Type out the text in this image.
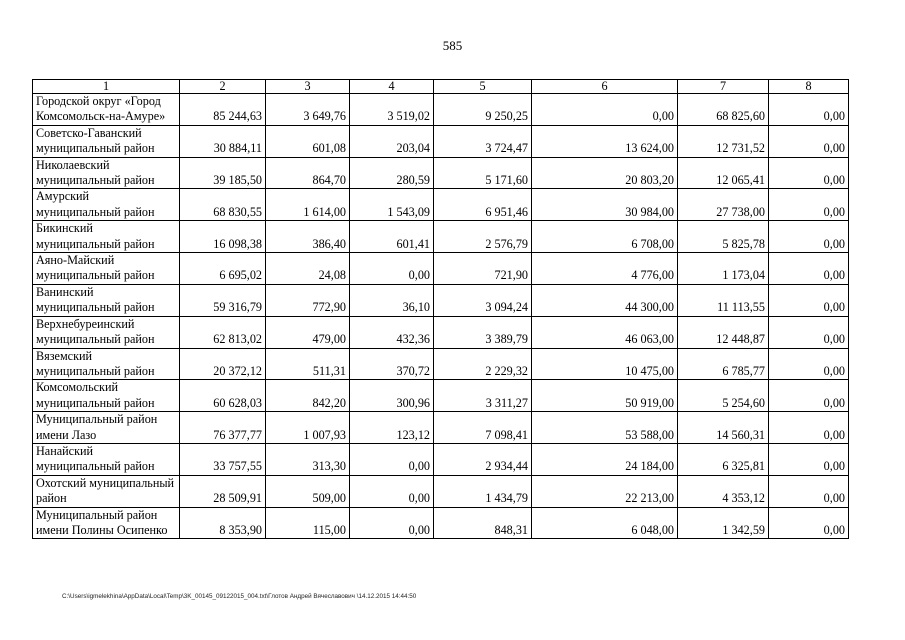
585
1	2	3	4	5	6	7	8
Городской округ «Город Комсомольск-на-Амуре»	85 244,63	3 649,76	3 519,02	9 250,25	0,00	68 825,60	0,00
Советско-Гаванский муниципальный район	30 884,11	601,08	203,04	3 724,47	13 624,00	12 731,52	0,00
Николаевский муниципальный район	39 185,50	864,70	280,59	5 171,60	20 803,20	12 065,41	0,00
Амурский муниципальный район	68 830,55	1 614,00	1 543,09	6 951,46	30 984,00	27 738,00	0,00
Бикинский муниципальный район	16 098,38	386,40	601,41	2 576,79	6 708,00	5 825,78	0,00
Аяно-Майский муниципальный район	6 695,02	24,08	0,00	721,90	4 776,00	1 173,04	0,00
Ванинский муниципальный район	59 316,79	772,90	36,10	3 094,24	44 300,00	11 113,55	0,00
Верхнебуреинский муниципальный район	62 813,02	479,00	432,36	3 389,79	46 063,00	12 448,87	0,00
Вяземский муниципальный район	20 372,12	511,31	370,72	2 229,32	10 475,00	6 785,77	0,00
Комсомольский муниципальный район	60 628,03	842,20	300,96	3 311,27	50 919,00	5 254,60	0,00
Муниципальный район имени Лазо	76 377,77	1 007,93	123,12	7 098,41	53 588,00	14 560,31	0,00
Нанайский муниципальный район	33 757,55	313,30	0,00	2 934,44	24 184,00	6 325,81	0,00
Охотский муниципальный район	28 509,91	509,00	0,00	1 434,79	22 213,00	4 353,12	0,00
Муниципальный район имени Полины Осипенко	8 353,90	115,00	0,00	848,31	6 048,00	1 342,59	0,00
C:\Users\igmelekhina\AppData\Local\Temp\3K_00145_09122015_004.txt\Глотов Андрей Вячеславович \14.12.2015 14:44:50
